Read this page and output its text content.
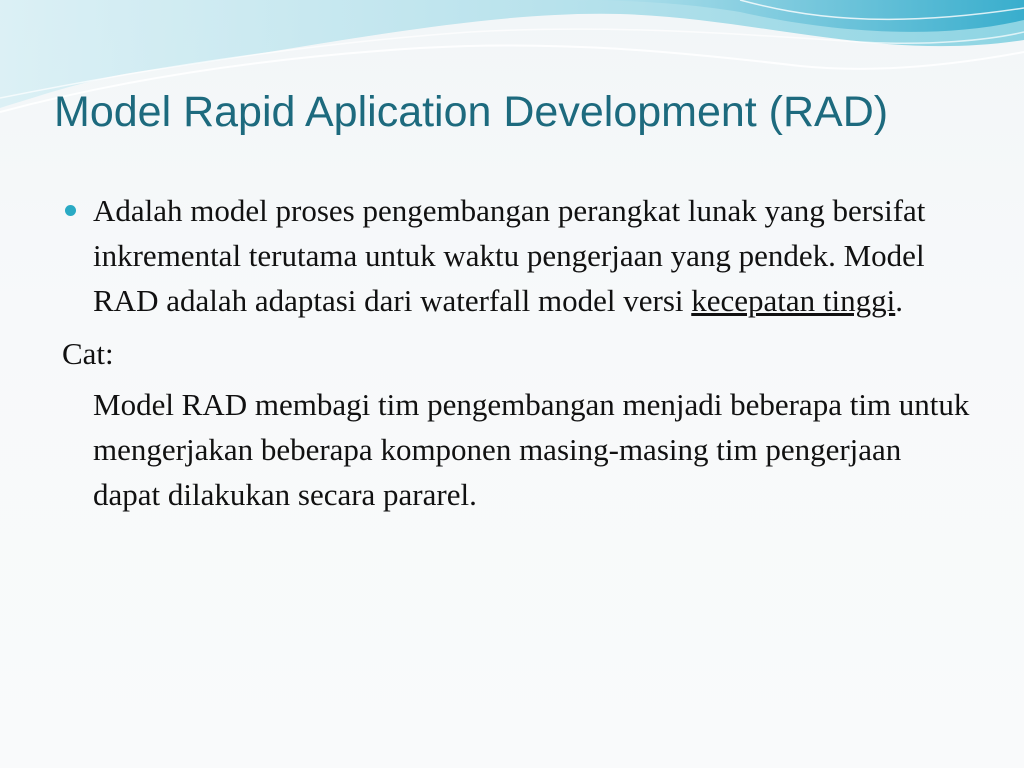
Model Rapid Aplication Development (RAD)
Adalah model proses pengembangan perangkat lunak yang bersifat inkremental terutama untuk waktu pengerjaan yang pendek. Model RAD adalah adaptasi dari waterfall model versi kecepatan tinggi.
Cat:
Model RAD membagi tim pengembangan menjadi beberapa tim untuk mengerjakan beberapa komponen masing-masing tim pengerjaan dapat dilakukan secara pararel.
